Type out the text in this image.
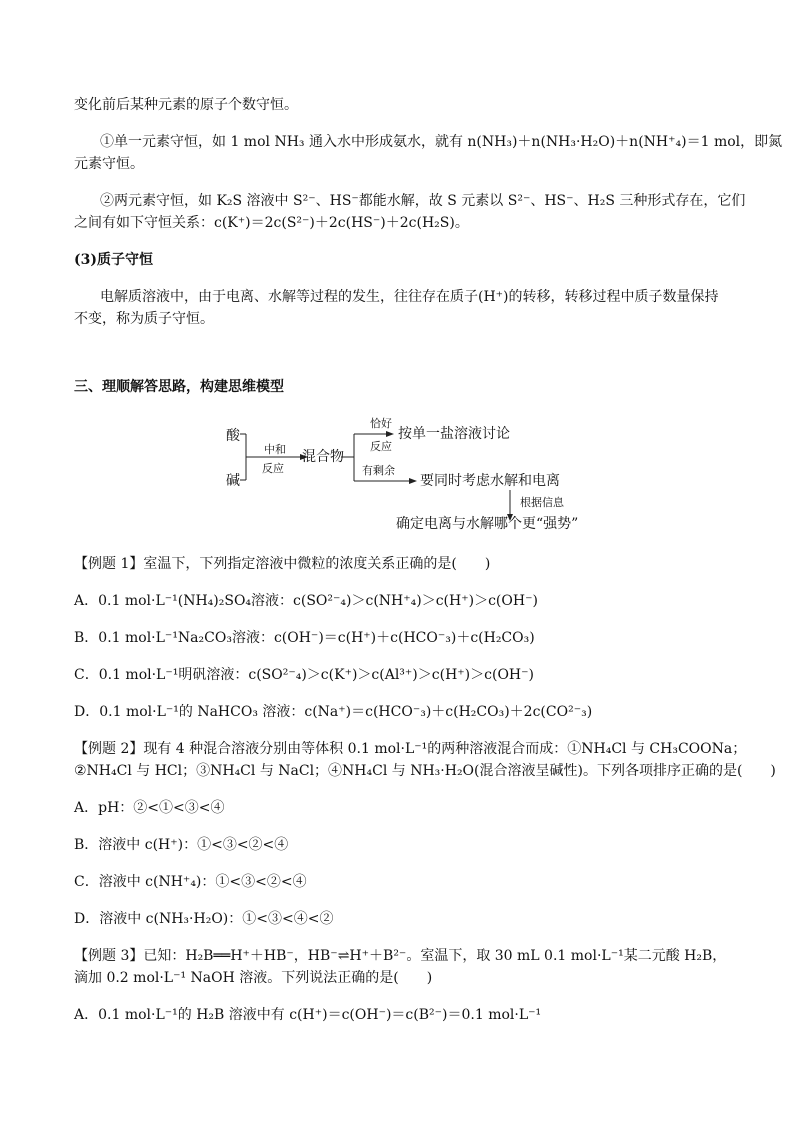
变化前后某种元素的原子个数守恒。
①单一元素守恒，如 1 mol NH₃ 通入水中形成氨水，就有 n(NH₃)＋n(NH₃·H₂O)＋n(NH⁺₄)＝1 mol，即氮
元素守恒。
②两元素守恒，如 K₂S 溶液中 S²⁻、HS⁻都能水解，故 S 元素以 S²⁻、HS⁻、H₂S 三种形式存在，它们
之间有如下守恒关系：c(K⁺)＝2c(S²⁻)＋2c(HS⁻)＋2c(H₂S)。
(3)质子守恒
电解质溶液中，由于电离、水解等过程的发生，往往存在质子(H⁺)的转移，转移过程中质子数量保持
不变，称为质子守恒。
三、理顺解答思路，构建思维模型
酸
碱
中和
反应
混合物
恰好
反应
有剩余
按单一盐溶液讨论
要同时考虑水解和电离
根据信息
确定电离与水解哪个更“强势”
【例题 1】室温下，下列指定溶液中微粒的浓度关系正确的是(　　)
A．0.1 mol·L⁻¹(NH₄)₂SO₄溶液：c(SO²⁻₄)＞c(NH⁺₄)＞c(H⁺)＞c(OH⁻)
B．0.1 mol·L⁻¹Na₂CO₃溶液：c(OH⁻)＝c(H⁺)＋c(HCO⁻₃)＋c(H₂CO₃)
C．0.1 mol·L⁻¹明矾溶液：c(SO²⁻₄)＞c(K⁺)＞c(Al³⁺)＞c(H⁺)＞c(OH⁻)
D．0.1 mol·L⁻¹的 NaHCO₃ 溶液：c(Na⁺)＝c(HCO⁻₃)＋c(H₂CO₃)＋2c(CO²⁻₃)
【例题 2】现有 4 种混合溶液分别由等体积 0.1 mol·L⁻¹的两种溶液混合而成：①NH₄Cl 与 CH₃COONa；
②NH₄Cl 与 HCl；③NH₄Cl 与 NaCl；④NH₄Cl 与 NH₃·H₂O(混合溶液呈碱性)。下列各项排序正确的是(　　)
A．pH：②<①<③<④
B．溶液中 c(H⁺)：①<③<②<④
C．溶液中 c(NH⁺₄)：①<③<②<④
D．溶液中 c(NH₃·H₂O)：①<③<④<②
【例题 3】已知：H₂B══H⁺＋HB⁻，HB⁻⇌H⁺＋B²⁻。室温下，取 30 mL 0.1 mol·L⁻¹某二元酸 H₂B，
滴加 0.2 mol·L⁻¹ NaOH 溶液。下列说法正确的是(　　)
A．0.1 mol·L⁻¹的 H₂B 溶液中有 c(H⁺)＝c(OH⁻)＝c(B²⁻)＝0.1 mol·L⁻¹
